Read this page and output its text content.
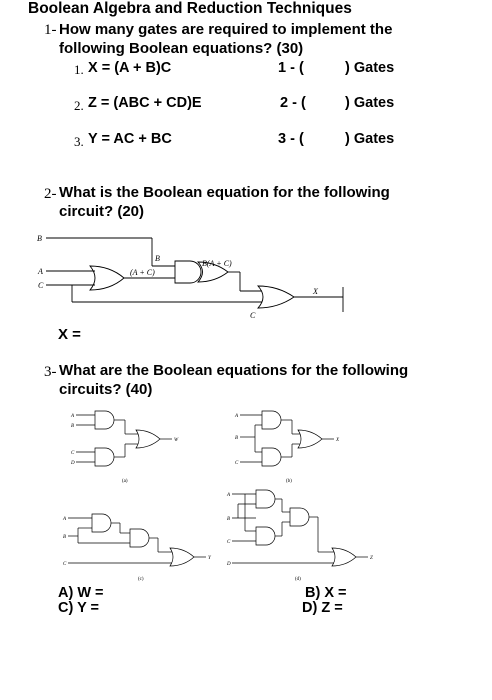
Boolean Algebra and Reduction Techniques
1- How many gates are required to implement the
following Boolean equations? (30)
1. X = (A + B)C	1 - (	) Gates
2. Z = (ABC + CD)E	2 - (	) Gates
3. Y = AC + BC	3 - (	) Gates
2- What is the Boolean equation for the following
circuit? (20)
B
A
C
B
(A + C)
B(A + C)
C
X
X =
3- What are the Boolean equations for the following
circuits? (40)
A
B
C
D
W
(a)
A
B
C
X
(b)
A
B
C
Y
(c)
A
B
C
D
Z
(d)
A) W =
C) Y =
B) X =
D) Z =
